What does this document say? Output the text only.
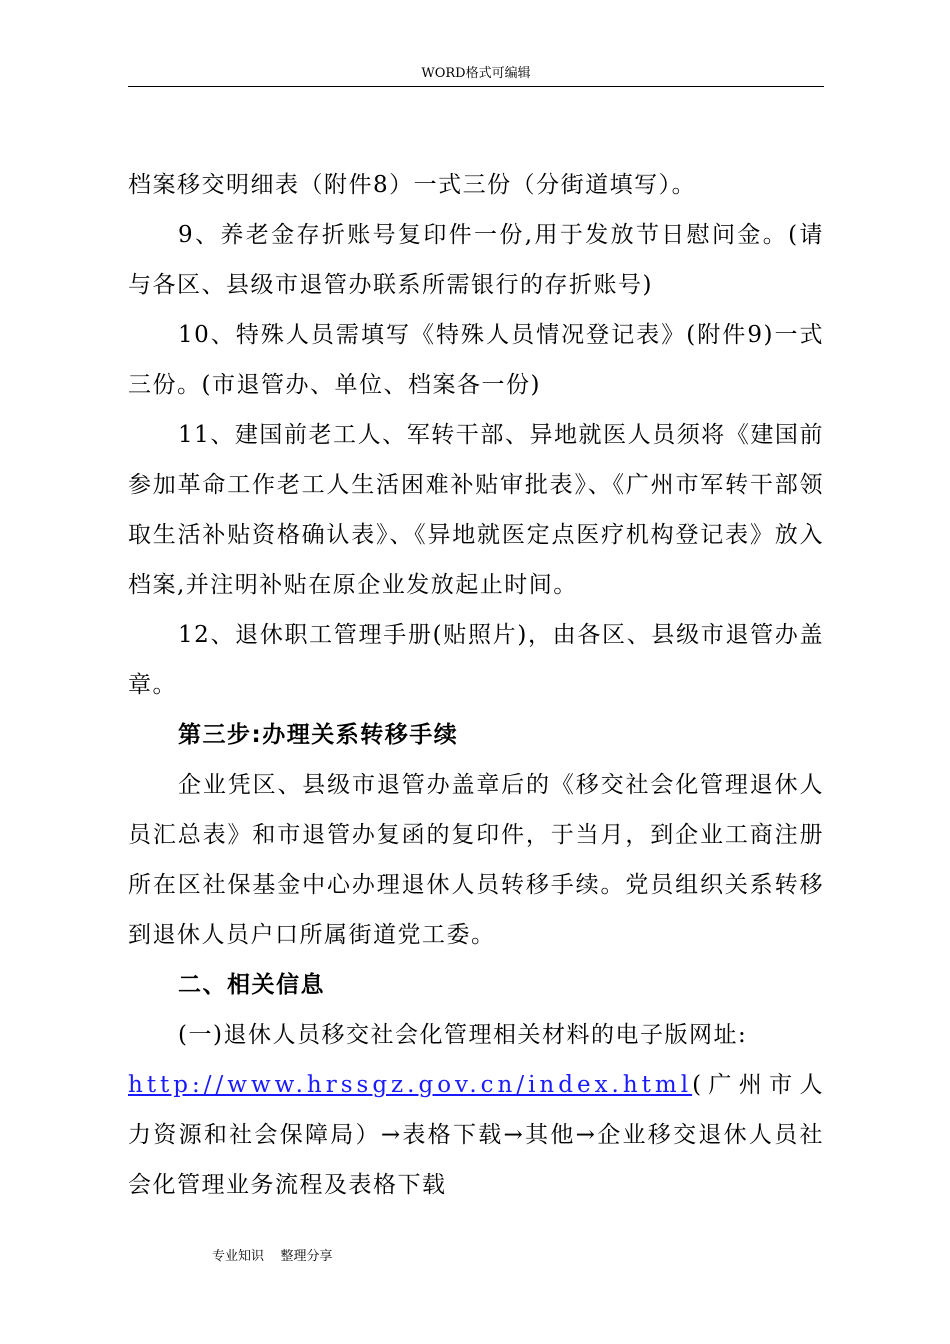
WORD格式可编辑

档案移交明细表（附件8）一式三份（分街道填写）。

9、养老金存折账号复印件一份,用于发放节日慰问金。(请与各区、县级市退管办联系所需银行的存折账号)

10、特殊人员需填写《特殊人员情况登记表》(附件9)一式三份。(市退管办、单位、档案各一份)

11、建国前老工人、军转干部、异地就医人员须将《建国前参加革命工作老工人生活困难补贴审批表》、《广州市军转干部领取生活补贴资格确认表》、《异地就医定点医疗机构登记表》放入档案,并注明补贴在原企业发放起止时间。

12、退休职工管理手册(贴照片)，由各区、县级市退管办盖章。

第三步:办理关系转移手续

企业凭区、县级市退管办盖章后的《移交社会化管理退休人员汇总表》和市退管办复函的复印件，于当月，到企业工商注册所在区社保基金中心办理退休人员转移手续。党员组织关系转移到退休人员户口所属街道党工委。

二、相关信息

(一)退休人员移交社会化管理相关材料的电子版网址:

http://www.hrssgz.gov.cn/index.html(广州市人力资源和社会保障局）→表格下载→其他→企业移交退休人员社会化管理业务流程及表格下载

专业知识    整理分享
